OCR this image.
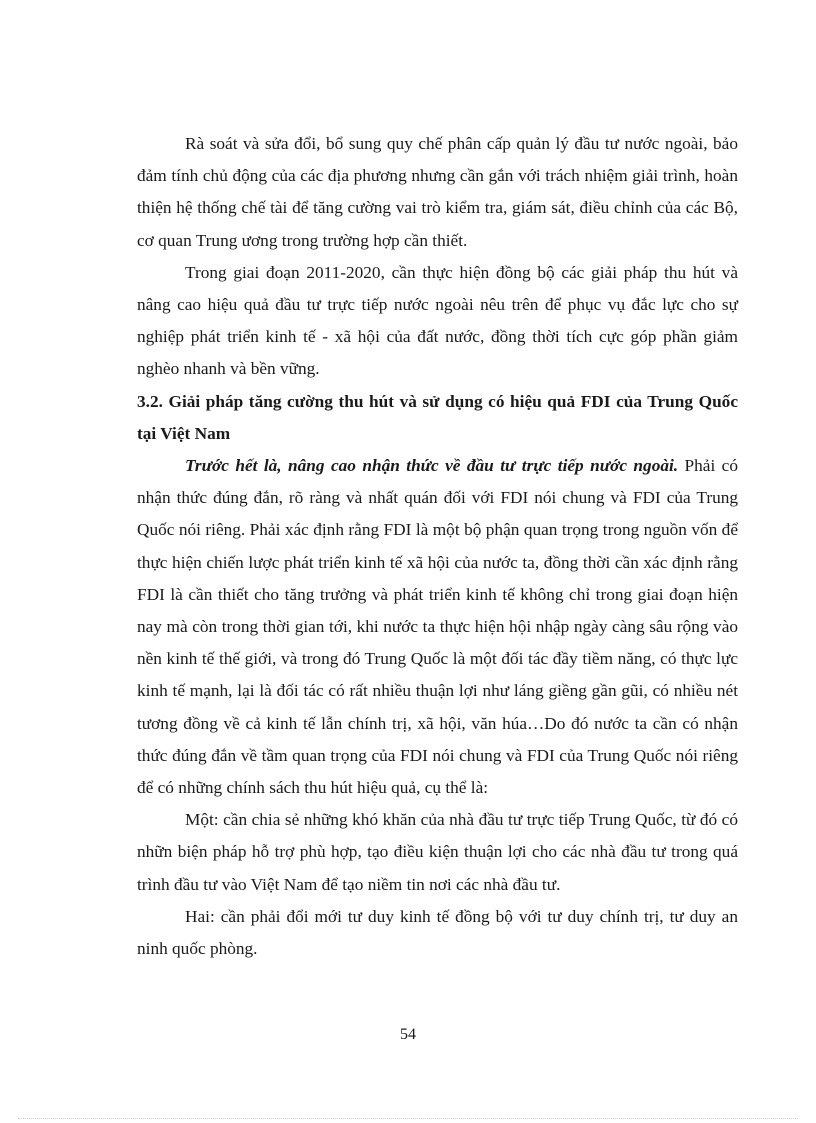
Rà soát và sửa đổi, bổ sung quy chế phân cấp quản lý đầu tư nước ngoài, bảo đảm tính chủ động của các địa phương nhưng cần gắn với trách nhiệm giải trình, hoàn thiện hệ thống chế tài để tăng cường vai trò kiểm tra, giám sát, điều chỉnh của các Bộ, cơ quan Trung ương trong trường hợp cần thiết.

Trong giai đoạn 2011-2020, cần thực hiện đồng bộ các giải pháp thu hút và nâng cao hiệu quả đầu tư trực tiếp nước ngoài nêu trên để phục vụ đắc lực cho sự nghiệp phát triển kinh tế - xã hội của đất nước, đồng thời tích cực góp phần giảm nghèo nhanh và bền vững.

3.2. Giải pháp tăng cường thu hút và sử dụng có hiệu quả FDI của Trung Quốc tại Việt Nam

Trước hết là, nâng cao nhận thức về đầu tư trực tiếp nước ngoài. Phải có nhận thức đúng đắn, rõ ràng và nhất quán đối với FDI nói chung và FDI của Trung Quốc nói riêng. Phải xác định rằng FDI là một bộ phận quan trọng trong nguồn vốn để thực hiện chiến lược phát triển kinh tế xã hội của nước ta, đồng thời cần xác định rằng FDI là cần thiết cho tăng trưởng và phát triển kinh tế không chỉ trong giai đoạn hiện nay mà còn trong thời gian tới, khi nước ta thực hiện hội nhập ngày càng sâu rộng vào nền kinh tế thế giới, và trong đó Trung Quốc là một đối tác đầy tiềm năng, có thực lực kinh tế mạnh, lại là đối tác có rất nhiều thuận lợi như láng giềng gần gũi, có nhiều nét tương đồng về cả kinh tế lẫn chính trị, xã hội, văn húa…Do đó nước ta cần có nhận thức đúng đắn về tầm quan trọng của FDI nói chung và FDI của Trung Quốc nói riêng để có những chính sách thu hút hiệu quả, cụ thể là:

Một: cần chia sẻ những khó khăn của nhà đầu tư trực tiếp Trung Quốc, từ đó có nhữn biện pháp hỗ trợ phù hợp, tạo điều kiện thuận lợi cho các nhà đầu tư trong quá trình đầu tư vào Việt Nam để tạo niềm tin nơi các nhà đầu tư.

Hai: cần phải đổi mới tư duy kinh tế đồng bộ với tư duy chính trị, tư duy an ninh quốc phòng.

54
